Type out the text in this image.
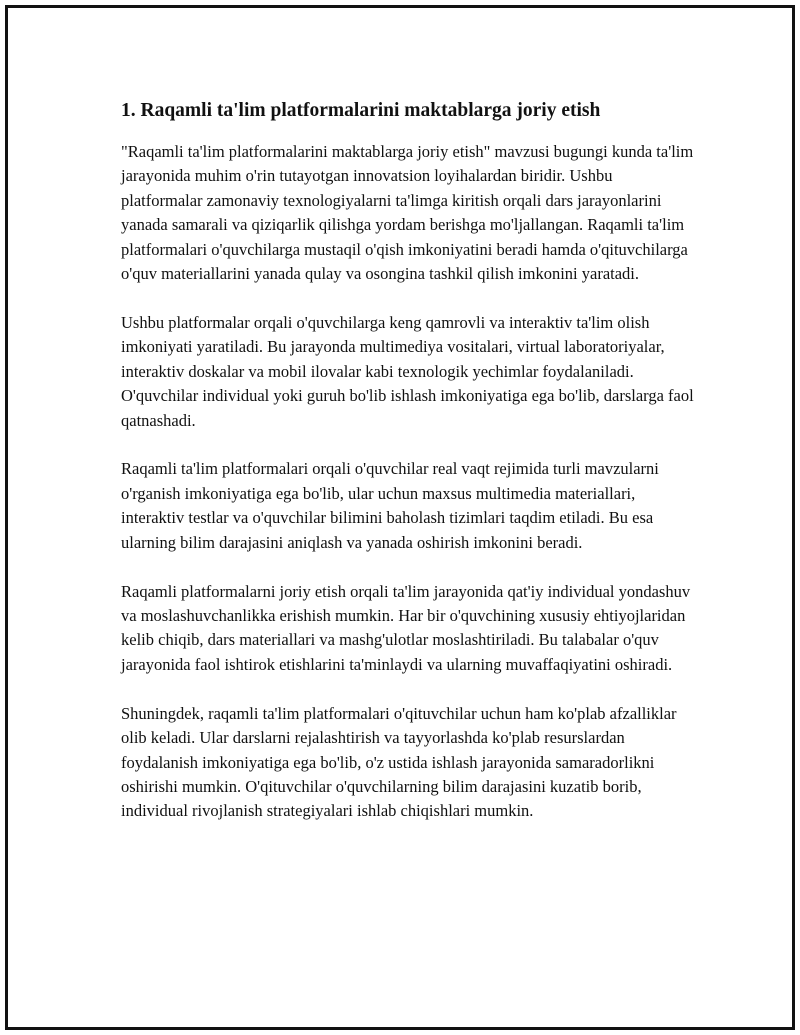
1. Raqamli ta'lim platformalarini maktablarga joriy etish

"Raqamli ta'lim platformalarini maktablarga joriy etish" mavzusi bugungi kunda ta'lim jarayonida muhim o'rin tutayotgan innovatsion loyihalardan biridir. Ushbu platformalar zamonaviy texnologiyalarni ta'limga kiritish orqali dars jarayonlarini yanada samarali va qiziqarlik qilishga yordam berishga mo'ljallangan. Raqamli ta'lim platformalari o'quvchilarga mustaqil o'qish imkoniyatini beradi hamda o'qituvchilarga o'quv materiallarini yanada qulay va osongina tashkil qilish imkonini yaratadi.

Ushbu platformalar orqali o'quvchilarga keng qamrovli va interaktiv ta'lim olish imkoniyati yaratiladi. Bu jarayonda multimediya vositalari, virtual laboratoriyalar, interaktiv doskalar va mobil ilovalar kabi texnologik yechimlar foydalaniladi. O'quvchilar individual yoki guruh bo'lib ishlash imkoniyatiga ega bo'lib, darslarga faol qatnashadi.

Raqamli ta'lim platformalari orqali o'quvchilar real vaqt rejimida turli mavzularni o'rganish imkoniyatiga ega bo'lib, ular uchun maxsus multimedia materiallari, interaktiv testlar va o'quvchilar bilimini baholash tizimlari taqdim etiladi. Bu esa ularning bilim darajasini aniqlash va yanada oshirish imkonini beradi.

Raqamli platformalarni joriy etish orqali ta'lim jarayonida qat'iy individual yondashuv va moslashuvchanlikka erishish mumkin. Har bir o'quvchining xususiy ehtiyojlaridan kelib chiqib, dars materiallari va mashg'ulotlar moslashtiriladi. Bu talabalar o'quv jarayonida faol ishtirok etishlarini ta'minlaydi va ularning muvaffaqiyatini oshiradi.

Shuningdek, raqamli ta'lim platformalari o'qituvchilar uchun ham ko'plab afzalliklar olib keladi. Ular darslarni rejalashtirish va tayyorlashda ko'plab resurslardan foydalanish imkoniyatiga ega bo'lib, o'z ustida ishlash jarayonida samaradorlikni oshirishi mumkin. O'qituvchilar o'quvchilarning bilim darajasini kuzatib borib, individual rivojlanish strategiyalari ishlab chiqishlari mumkin.
